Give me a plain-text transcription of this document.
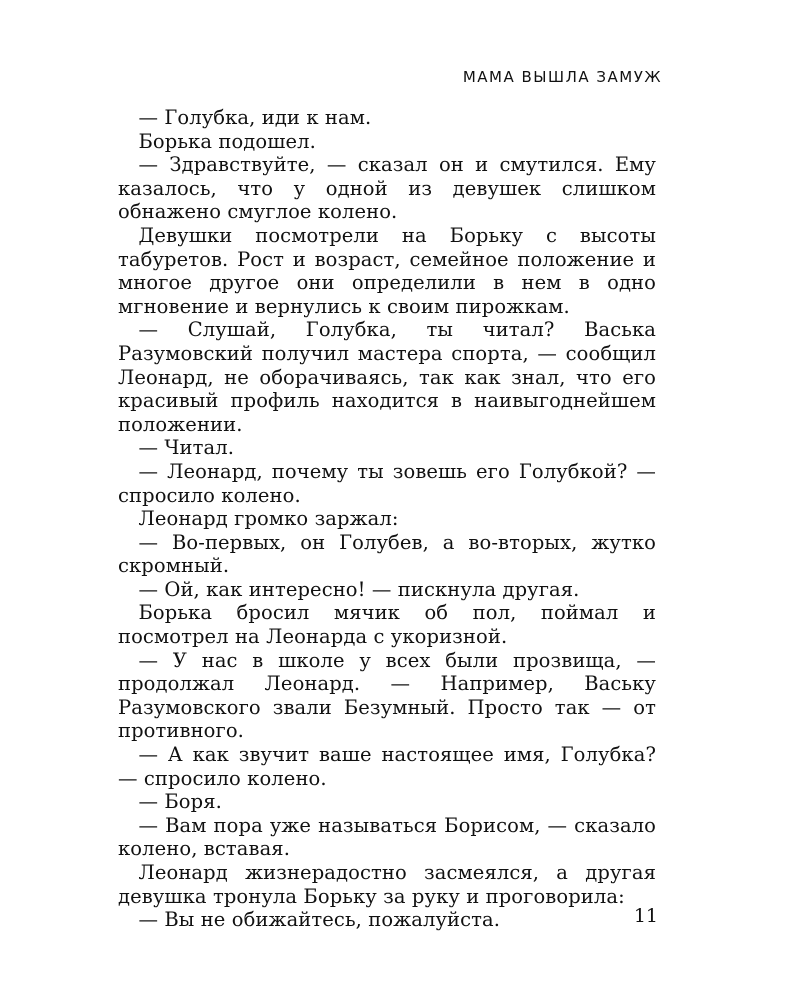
МАМА ВЫШЛА ЗАМУЖ

— Голубка, иди к нам.

Борька подошел.

— Здравствуйте, — сказал он и смутился. Ему казалось, что у одной из девушек слишком обнажено смуглое колено.

Девушки посмотрели на Борьку с высоты табуретов. Рост и возраст, семейное положение и многое другое они определили в нем в одно мгновение и вернулись к своим пирожкам.

— Слушай, Голубка, ты читал? Васька Разумовский получил мастера спорта, — сообщил Леонард, не оборачиваясь, так как знал, что его красивый профиль находится в наивыгоднейшем положении.

— Читал.

— Леонард, почему ты зовешь его Голубкой? — спросило колено.

Леонард громко заржал:

— Во-первых, он Голубев, а во-вторых, жутко скромный.

— Ой, как интересно! — пискнула другая.

Борька бросил мячик об пол, поймал и посмотрел на Леонарда с укоризной.

— У нас в школе у всех были прозвища, — продолжал Леонард. — Например, Ваську Разумовского звали Безумный. Просто так — от противного.

— А как звучит ваше настоящее имя, Голубка? — спросило колено.

— Боря.

— Вам пора уже называться Борисом, — сказало колено, вставая.

Леонард жизнерадостно засмеялся, а другая девушка тронула Борьку за руку и проговорила:

— Вы не обижайтесь, пожалуйста.	11
